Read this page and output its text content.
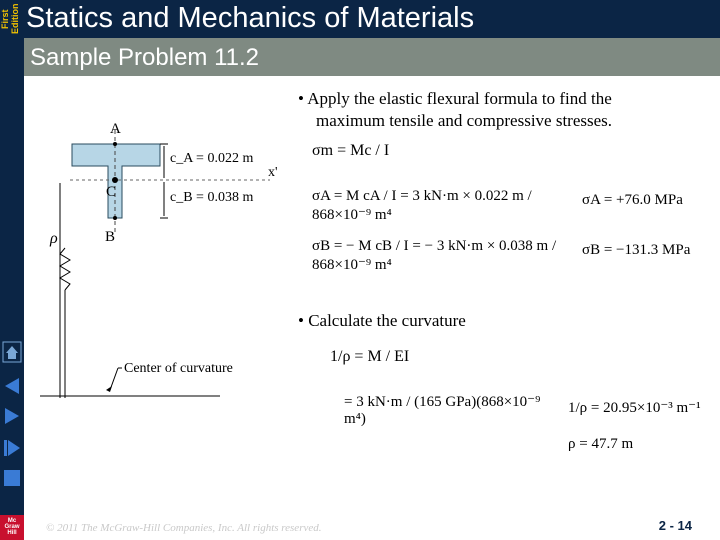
First Edition Statics and Mechanics of Materials
Sample Problem 11.2
Mc
Graw
Hill
A
C
B
c_A = 0.022 m
c_B = 0.038 m
x'
ρ
Center of curvature
• Apply the elastic flexural formula to find the
maximum tensile and compressive stresses.
σm = Mc / I
σA = M cA / I = 3 kN·m × 0.022 m / 868×10⁻⁹ m⁴
σA = +76.0 MPa
σB = − M cB / I = − 3 kN·m × 0.038 m / 868×10⁻⁹ m⁴
σB = −131.3 MPa
• Calculate the curvature
1/ρ = M / EI
= 3 kN·m / (165 GPa)(868×10⁻⁹ m⁴)
1/ρ = 20.95×10⁻³ m⁻¹
ρ = 47.7 m
© 2011 The McGraw-Hill Companies, Inc. All rights reserved.	2 - 14
